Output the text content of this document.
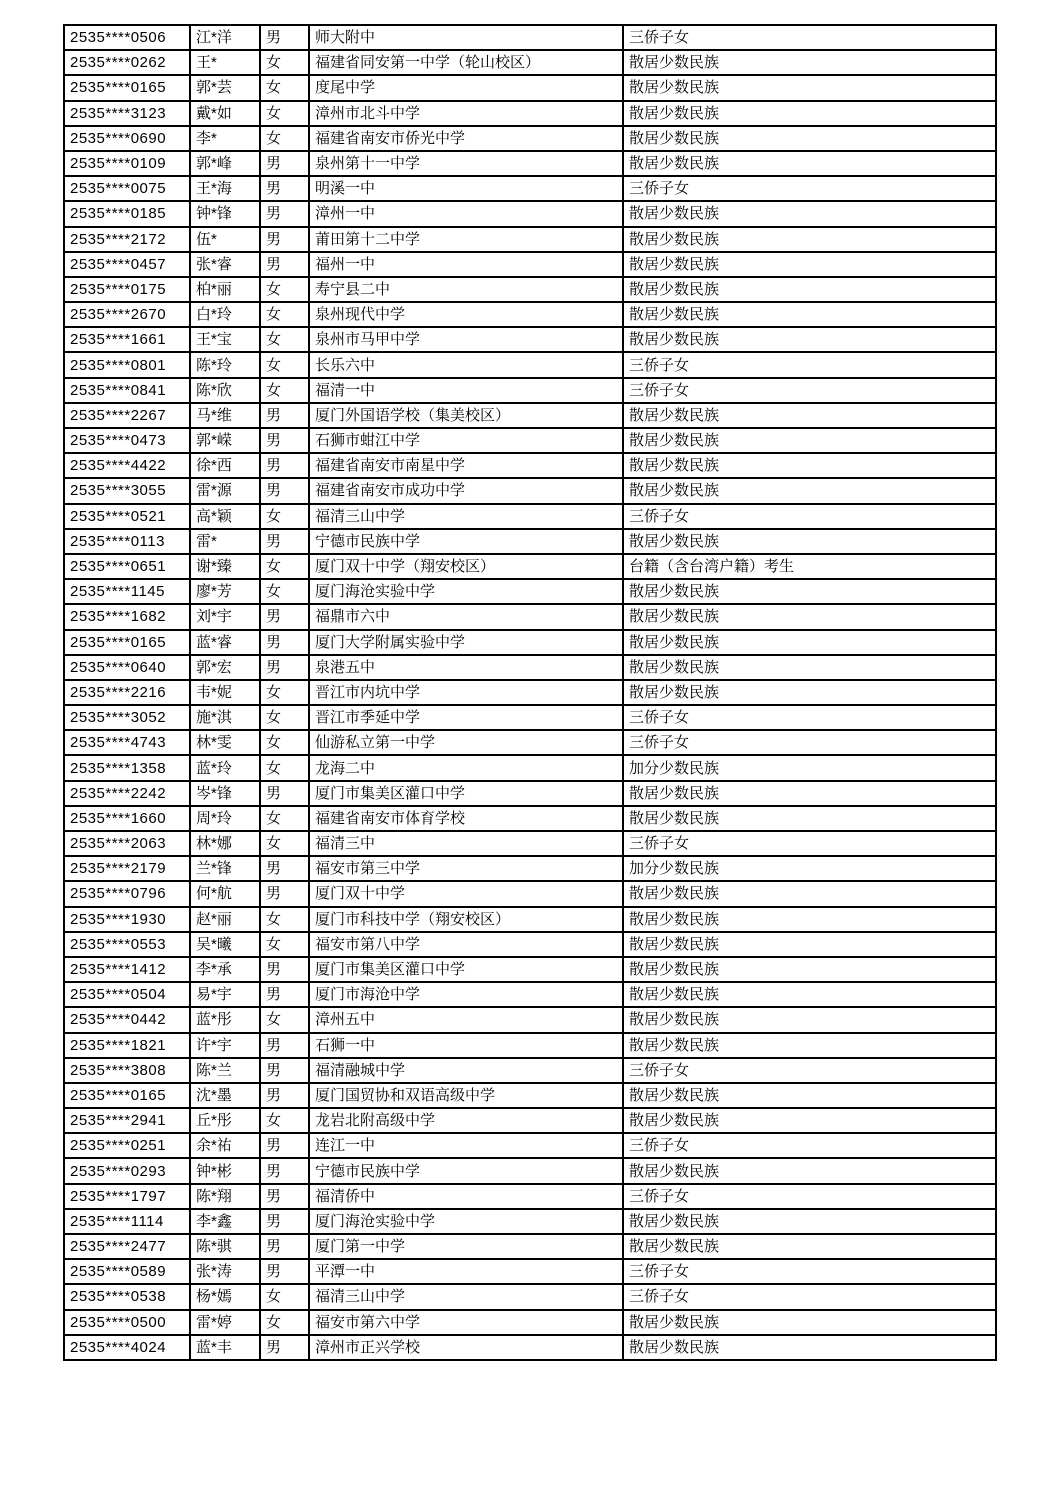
2535****0506	江*洋	男	师大附中	三侨子女
2535****0262	王*	女	福建省同安第一中学（轮山校区）	散居少数民族
2535****0165	郭*芸	女	度尾中学	散居少数民族
2535****3123	戴*如	女	漳州市北斗中学	散居少数民族
2535****0690	李*	女	福建省南安市侨光中学	散居少数民族
2535****0109	郭*峰	男	泉州第十一中学	散居少数民族
2535****0075	王*海	男	明溪一中	三侨子女
2535****0185	钟*锋	男	漳州一中	散居少数民族
2535****2172	伍*	男	莆田第十二中学	散居少数民族
2535****0457	张*睿	男	福州一中	散居少数民族
2535****0175	柏*丽	女	寿宁县二中	散居少数民族
2535****2670	白*玲	女	泉州现代中学	散居少数民族
2535****1661	王*宝	女	泉州市马甲中学	散居少数民族
2535****0801	陈*玲	女	长乐六中	三侨子女
2535****0841	陈*欣	女	福清一中	三侨子女
2535****2267	马*维	男	厦门外国语学校（集美校区）	散居少数民族
2535****0473	郭*嵘	男	石狮市蚶江中学	散居少数民族
2535****4422	徐*西	男	福建省南安市南星中学	散居少数民族
2535****3055	雷*源	男	福建省南安市成功中学	散居少数民族
2535****0521	高*颖	女	福清三山中学	三侨子女
2535****0113	雷*	男	宁德市民族中学	散居少数民族
2535****0651	谢*臻	女	厦门双十中学（翔安校区）	台籍（含台湾户籍）考生
2535****1145	廖*芳	女	厦门海沧实验中学	散居少数民族
2535****1682	刘*宇	男	福鼎市六中	散居少数民族
2535****0165	蓝*睿	男	厦门大学附属实验中学	散居少数民族
2535****0640	郭*宏	男	泉港五中	散居少数民族
2535****2216	韦*妮	女	晋江市内坑中学	散居少数民族
2535****3052	施*淇	女	晋江市季延中学	三侨子女
2535****4743	林*雯	女	仙游私立第一中学	三侨子女
2535****1358	蓝*玲	女	龙海二中	加分少数民族
2535****2242	岑*锋	男	厦门市集美区灌口中学	散居少数民族
2535****1660	周*玲	女	福建省南安市体育学校	散居少数民族
2535****2063	林*娜	女	福清三中	三侨子女
2535****2179	兰*锋	男	福安市第三中学	加分少数民族
2535****0796	何*航	男	厦门双十中学	散居少数民族
2535****1930	赵*丽	女	厦门市科技中学（翔安校区）	散居少数民族
2535****0553	吴*曦	女	福安市第八中学	散居少数民族
2535****1412	李*承	男	厦门市集美区灌口中学	散居少数民族
2535****0504	易*宇	男	厦门市海沧中学	散居少数民族
2535****0442	蓝*彤	女	漳州五中	散居少数民族
2535****1821	许*宇	男	石狮一中	散居少数民族
2535****3808	陈*兰	男	福清融城中学	三侨子女
2535****0165	沈*墨	男	厦门国贸协和双语高级中学	散居少数民族
2535****2941	丘*彤	女	龙岩北附高级中学	散居少数民族
2535****0251	余*祐	男	连江一中	三侨子女
2535****0293	钟*彬	男	宁德市民族中学	散居少数民族
2535****1797	陈*翔	男	福清侨中	三侨子女
2535****1114	李*鑫	男	厦门海沧实验中学	散居少数民族
2535****2477	陈*骐	男	厦门第一中学	散居少数民族
2535****0589	张*涛	男	平潭一中	三侨子女
2535****0538	杨*嫣	女	福清三山中学	三侨子女
2535****0500	雷*婷	女	福安市第六中学	散居少数民族
2535****4024	蓝*丰	男	漳州市正兴学校	散居少数民族
